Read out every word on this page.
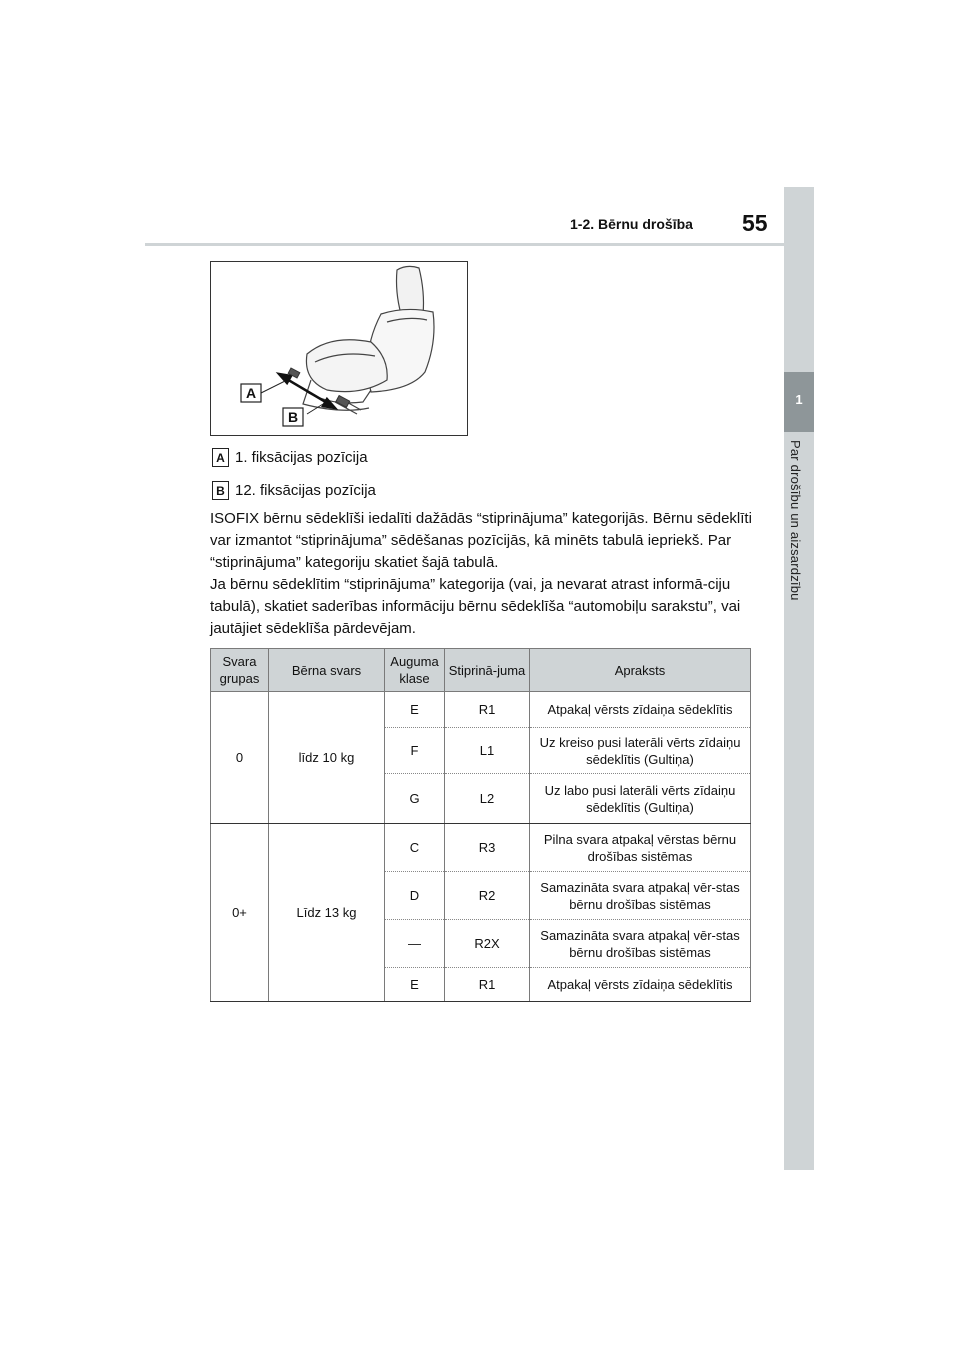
1
Par drošību un aizsardzību
1-2. Bērnu drošība 55
A
B
A 1. fiksācijas pozīcija
B 12. fiksācijas pozīcija
ISOFIX bērnu sēdeklīši iedalīti dažādās “stiprinājuma” kategorijās. Bērnu sēdeklīti var izmantot “stiprinājuma” sēdēšanas pozīcijās, kā minēts tabulā iepriekš. Par “stiprinājuma” kategoriju skatiet šajā tabulā.
Ja bērnu sēdeklītim “stiprinājuma” kategorija (vai, ja nevarat atrast informā-ciju tabulā), skatiet saderības informāciju bērnu sēdeklīša “automobiļu sarakstu”, vai jautājiet sēdeklīša pārdevējam.
Svara grupas	Bērna svars	Auguma klase	Stiprinā-juma	Apraksts
0	līdz 10 kg	E	R1	Atpakaļ vērsts zīdaiņa sēdeklītis
		F	L1	Uz kreiso pusi laterāli vērts zīdaiņu sēdeklītis (Gultiņa)
		G	L2	Uz labo pusi laterāli vērts zīdaiņu sēdeklītis (Gultiņa)
0+	Līdz 13 kg	C	R3	Pilna svara atpakaļ vērstas bērnu drošības sistēmas
		D	R2	Samazināta svara atpakaļ vēr-stas bērnu drošības sistēmas
		—	R2X	Samazināta svara atpakaļ vēr-stas bērnu drošības sistēmas
		E	R1	Atpakaļ vērsts zīdaiņa sēdeklītis
